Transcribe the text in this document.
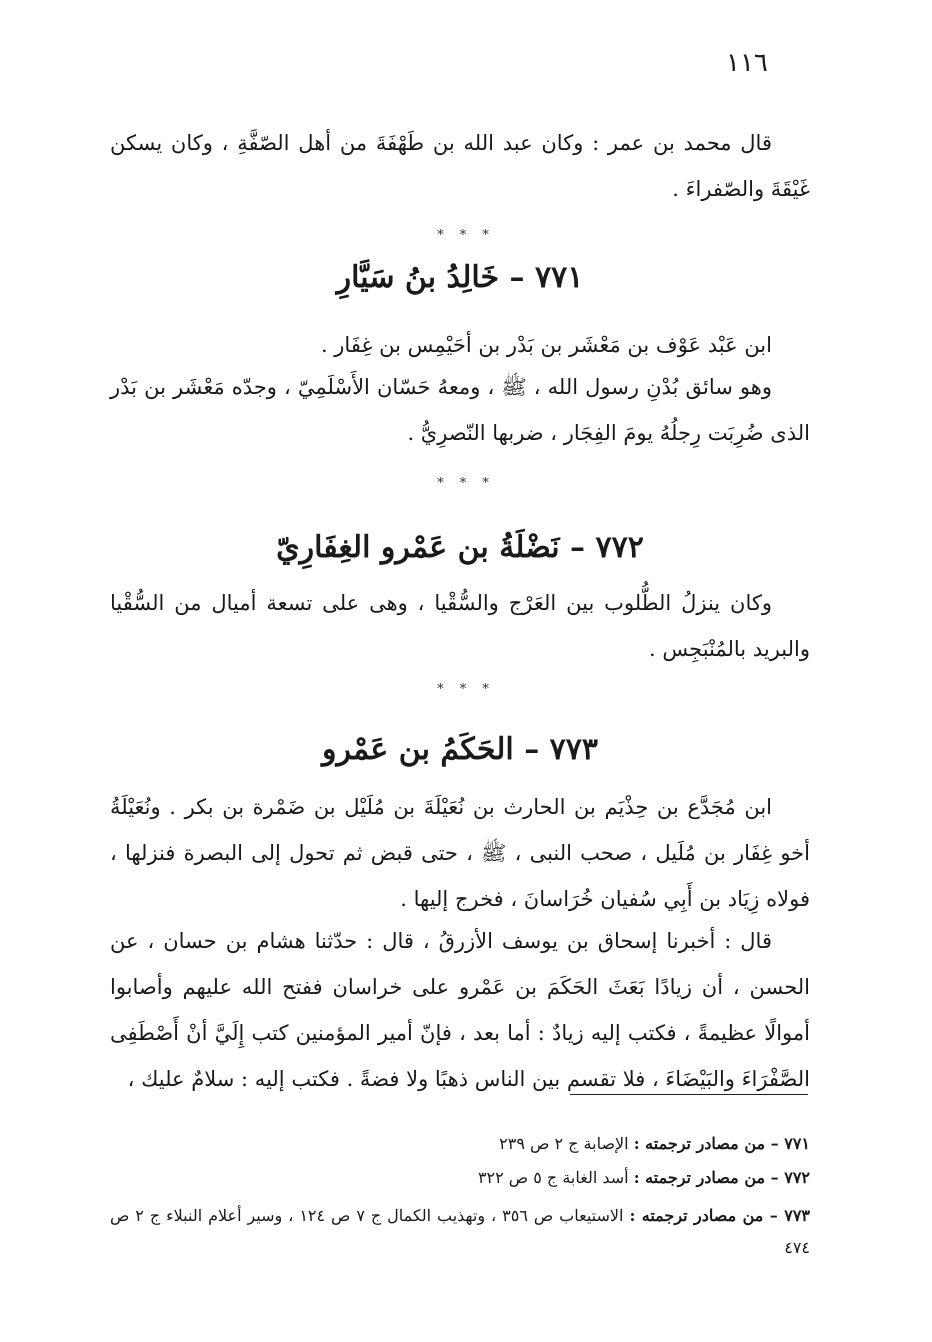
١١٦
قال محمد بن عمر : وكان عبد الله بن طَهْفَةَ من أهل الصّفَّةِ ، وكان يسكن غَيْقَةَ والصّفراءَ .
* * *
٧٧١ – خَالِدُ بنُ سَيَّارِ
ابن عَبْد عَوْف بن مَعْشَر بن بَدْر بن أحَيْمِس بن غِفَار .
وهو سائق بُدْنِ رسول الله ، ﷺ ، ومعهُ حَسّان الأَسْلَمِيّ ، وجدّه مَعْشَر بن بَدْر الذى ضُرِبَت رِجلُهُ يومَ الفِجَار ، ضربها النّصرِيُّ .
* * *
٧٧٢ – نَضْلَةُ بن عَمْرو الغِفَارِيّ
وكان ينزلُ الطُّلوب بين العَرْج والسُّقْيا ، وهى على تسعة أميال من السُّقْيا والبريد بالمُنْبَجِس .
* * *
٧٧٣ – الحَكَمُ بن عَمْرو
ابن مُجَدَّع بن حِذْيَم بن الحارث بن نُعَيْلَةَ بن مُلَيْل بن ضَمْرة بن بكر . ونُعَيْلَةُ أخو غِفَار بن مُلَيل ، صحب النبى ، ﷺ ، حتى قبض ثم تحول إلى البصرة فنزلها ، فولاه زِيَاد بن أَبِي سُفيان خُرَاسانَ ، فخرج إليها .
قال : أخبرنا إسحاق بن يوسف الأزرقُ ، قال : حدّثنا هشام بن حسان ، عن الحسن ، أن زيادًا بَعَثَ الحَكَمَ بن عَمْرو على خراسان ففتح الله عليهم وأصابوا أموالًا عظيمةً ، فكتب إليه زيادٌ : أما بعد ، فإنّ أمير المؤمنين كتب إِلَيَّ أنْ أَصْطَفِى الصَّفْرَاءَ والبَيْضَاءَ ، فلا تقسم بين الناس ذهبًا ولا فضةً . فكتب إليه : سلامٌ عليك ،
٧٧١ – من مصادر ترجمته : الإصابة ج ٢ ص ٢٣٩
٧٧٢ – من مصادر ترجمته : أسد الغابة ج ٥ ص ٣٢٢
٧٧٣ – من مصادر ترجمته : الاستيعاب ص ٣٥٦ ، وتهذيب الكمال ج ٧ ص ١٢٤ ، وسير أعلام النبلاء ج ٢ ص ٤٧٤
